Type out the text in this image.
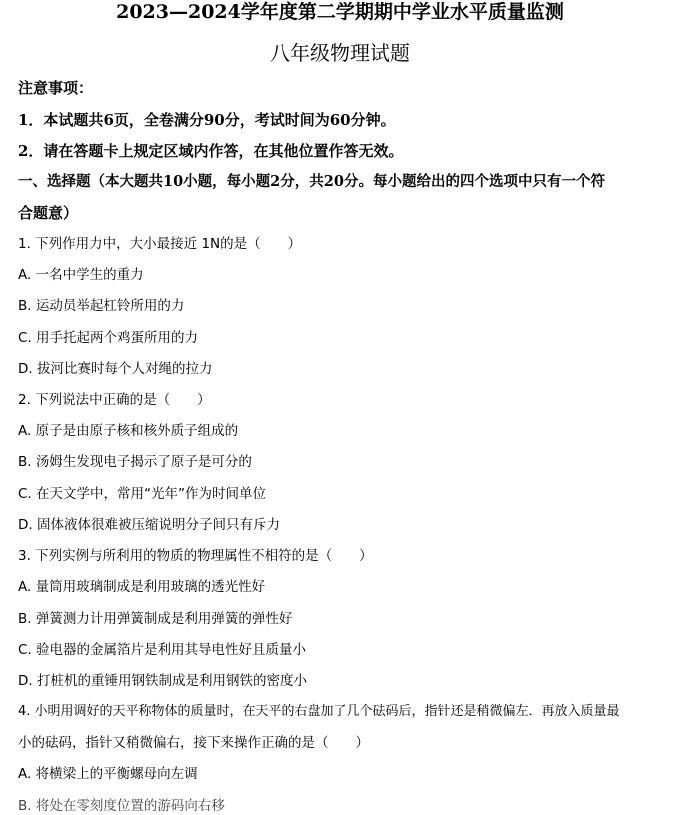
2023—2024学年度第二学期期中学业水平质量监测
八年级物理试题
注意事项：
1．本试题共6页，全卷满分90分，考试时间为60分钟。
2．请在答题卡上规定区域内作答，在其他位置作答无效。
一、选择题（本大题共10小题，每小题2分，共20分。每小题给出的四个选项中只有一个符
合题意）
1. 下列作用力中，大小最接近 1N的是（　　）
A. 一名中学生的重力
B. 运动员举起杠铃所用的力
C. 用手托起两个鸡蛋所用的力
D. 拔河比赛时每个人对绳的拉力
2. 下列说法中正确的是（　　）
A. 原子是由原子核和核外质子组成的
B. 汤姆生发现电子揭示了原子是可分的
C. 在天文学中，常用“光年”作为时间单位
D. 固体液体很难被压缩说明分子间只有斥力
3. 下列实例与所利用的物质的物理属性不相符的是（　　）
A. 量筒用玻璃制成是利用玻璃的透光性好
B. 弹簧测力计用弹簧制成是利用弹簧的弹性好
C. 验电器的金属箔片是利用其导电性好且质量小
D. 打桩机的重锤用钢铁制成是利用钢铁的密度小
4. 小明用调好的天平称物体的质量时，在天平的右盘加了几个砝码后，指针还是稍微偏左．再放入质量最
小的砝码，指针又稍微偏右，接下来操作正确的是（　　）
A. 将横梁上的平衡螺母向左调
B. 将处在零刻度位置的游码向右移
